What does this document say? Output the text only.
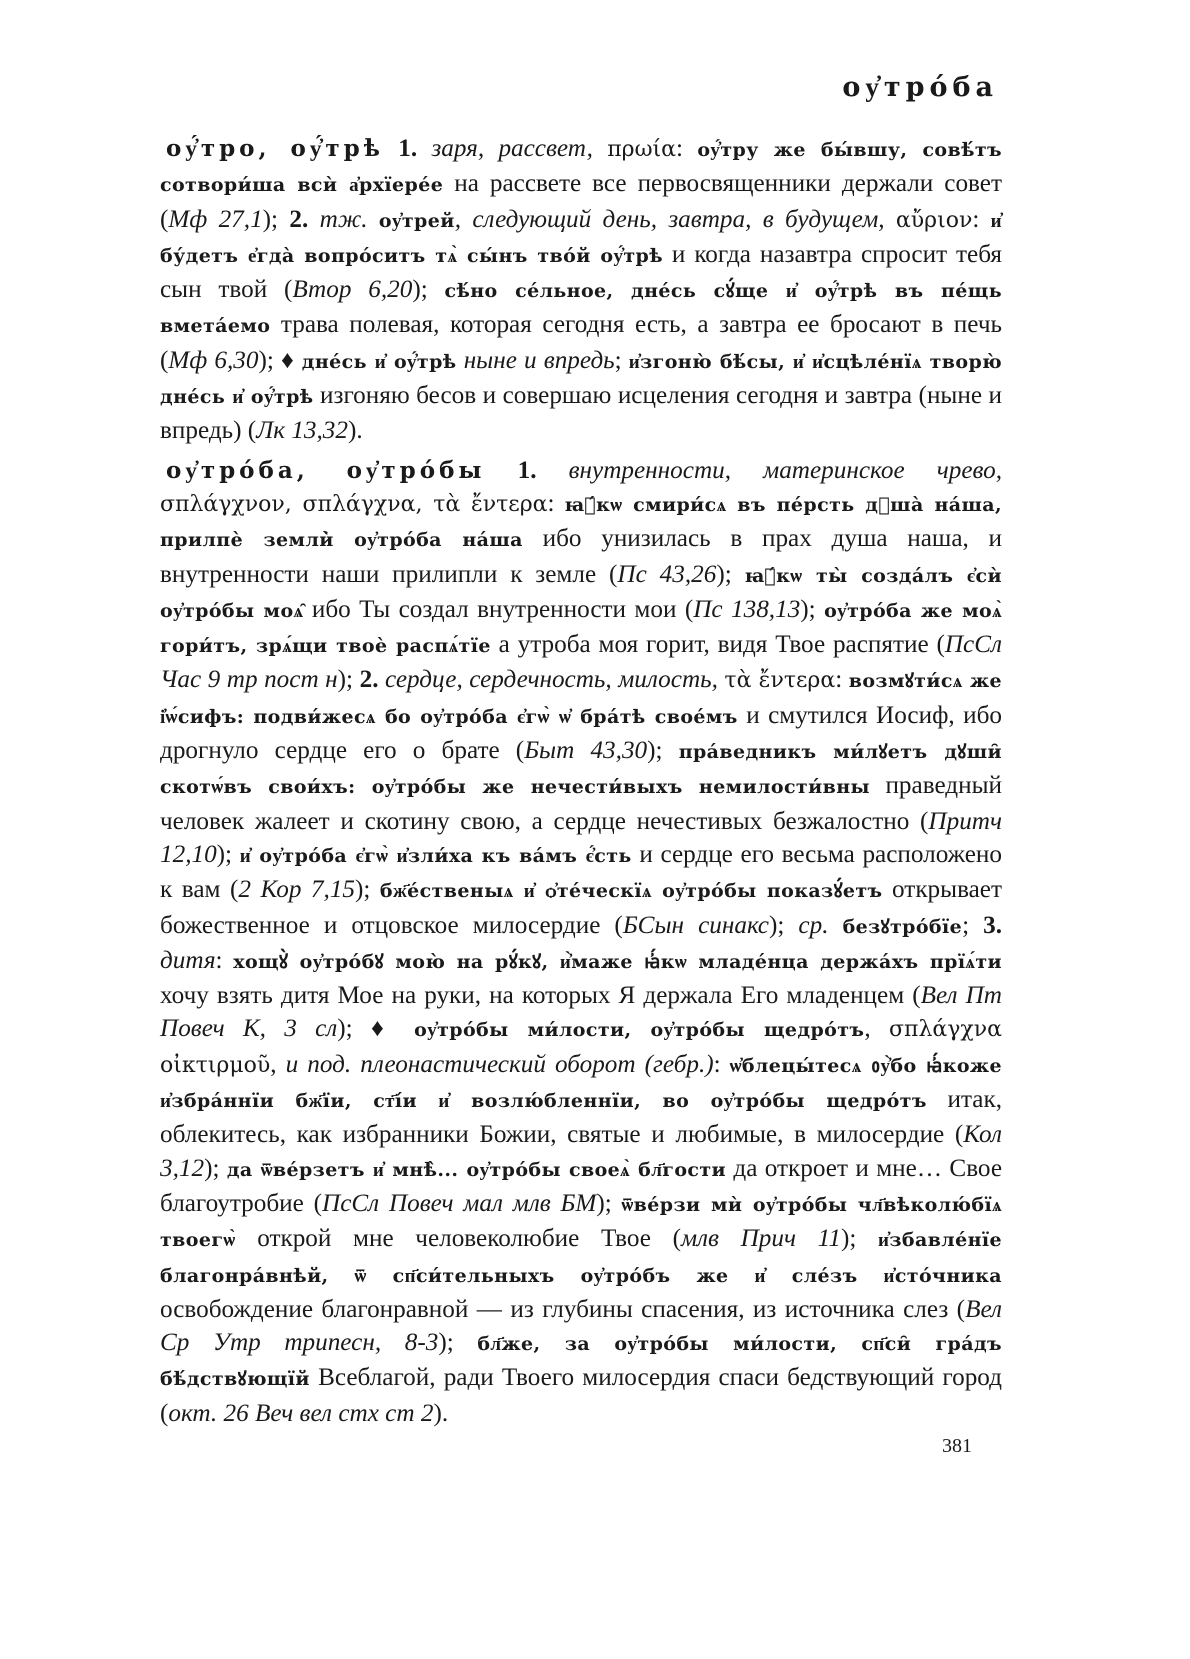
оу҆тро́ба

оу҆́тро, оу҆́трѣ 1. заря, рассвет, πρωία: оу҆́тру же бы́вшу, совѣ́тъ сотвори́ша всѝ а҆рхїере́е на рассвете все первосвященники держали совет (Мф 27,1); 2. тж. оу҆трей, следующий день, завтра, в будущем, αὔριον: и҆ бу́детъ е҆гда̀ вопро́ситъ тѧ̀ сы́нъ тво́й оу҆́трѣ и когда назавтра спросит тебя сын твой (Втор 6,20); сѣ́но се́льное, дне́сь сꙋ́ще и҆ оу҆́трѣ въ пе́щь вмета́емо трава полевая, которая сегодня есть, а завтра ее бросают в печь (Мф 6,30); ♦ дне́сь и҆ оу҆́трѣ ныне и впредь; и҆згоню̀ бѣ́сы, и҆ и҆сцѣле́нїѧ творю̀ дне́сь и҆ оу҆́трѣ изгоняю бесов и совершаю исцеления сегодня и завтра (ныне и впредь) (Лк 13,32).

оу҆тро́ба, оу҆тро́бы 1. внутренности, материнское чрево, σπλάγχνον, σπλάγχνα, τὰ ἔντερα: ꙗ҆́кѡ смири́сѧ въ пе́рсть дꙋша̀ на́ша, прилпѐ земли̇̀ оу҆тро́ба на́ша ибо унизилась в прах душа наша, и внутренности наши прилипли к земле (Пс 43,26); ꙗ҆́кѡ ты̀ созда́лъ є҆сѝ оу҆тро́бы моѧ̑ ибо Ты создал внутренности мои (Пс 138,13); оу҆тро́ба же моѧ̀ гори́тъ, зрѧ́щи твоѐ распѧ́тїе а утроба моя горит, видя Твое распятие (ПсСл Час 9 тр пост н); 2. сердце, сердечность, милость, τὰ ἔντερα: возмꙋти́сѧ же і҆ѡ́сифъ: подви́жесѧ бо оу҆тро́ба є҆гѡ̀ ѡ҆ бра́тѣ свое́мъ и смутился Иосиф, ибо дрогнуло сердце его о брате (Быт 43,30); пра́ведникъ ми́лꙋетъ дꙋши̑ скотѡ́въ свои́хъ: оу҆тро́бы же нечести́выхъ немилости́вны праведный человек жалеет и скотину свою, а сердце нечестивых безжалостно (Притч 12,10); и҆ оу҆тро́ба є҆гѡ̀ и҆зли́ха къ ва́мъ є҆́сть и сердце его весьма расположено к вам (2 Кор 7,15); бж҃е́ственыѧ и҆ ѻ҆те́ческїѧ оу҆тро́бы показꙋ́етъ открывает божественное и отцовское милосердие (БСын синакс); ср. безꙋтро́бїе; 3. дитя: хощꙋ̀ оу҆тро́бꙋ мою̀ на рꙋ́кꙋ, и҆̀маже ꙗ҆́кѡ младе́нца держа́хъ прїѧ́ти хочу взять дитя Мое на руки, на которых Я держала Его младенцем (Вел Пт Повеч К, 3 сл); ♦ оу҆тро́бы ми́лости, оу҆тро́бы щедро́тъ, σπλάγχνα οἰκτιρμοῦ, и под. плеонастический оборот (гебр.): ѡ҆блецы́тесѧ ᲂу҆̀бо ꙗ҆́коже и҆збра́ннїи бж҃їи, ст҃і́и и҆ возлю́бленнїи, во оу҆тро́бы щедро́тъ итак, облекитесь, как избранники Божии, святые и любимые, в милосердие (Кол 3,12); да ѿве́рзетъ и҆ мнѣ̀... оу҆тро́бы своеѧ̀ бл҃гости да откроет и мне… Свое благоутробие (ПсСл Повеч мал млв БМ); ѿве́рзи мѝ оу҆тро́бы чл҃вѣколю́бїѧ твоегѡ̀ открой мне человеколюбие Твое (млв Прич 11); и҆збавле́нїе благонра́внѣй, ѿ сп҃си́тельныхъ оу҆тро́бъ же и҆ сле́зъ и҆сто́чника освобождение благонравной — из глубины спасения, из источника слез (Вел Ср Утр трипесн, 8-3); бл҃же, за оу҆тро́бы ми́лости, сп҃си̑ гра́дъ бѣ́дствꙋющїй Всеблагой, ради Твоего милосердия спаси бедствующий город (окт. 26 Веч вел стх ст 2).

381
